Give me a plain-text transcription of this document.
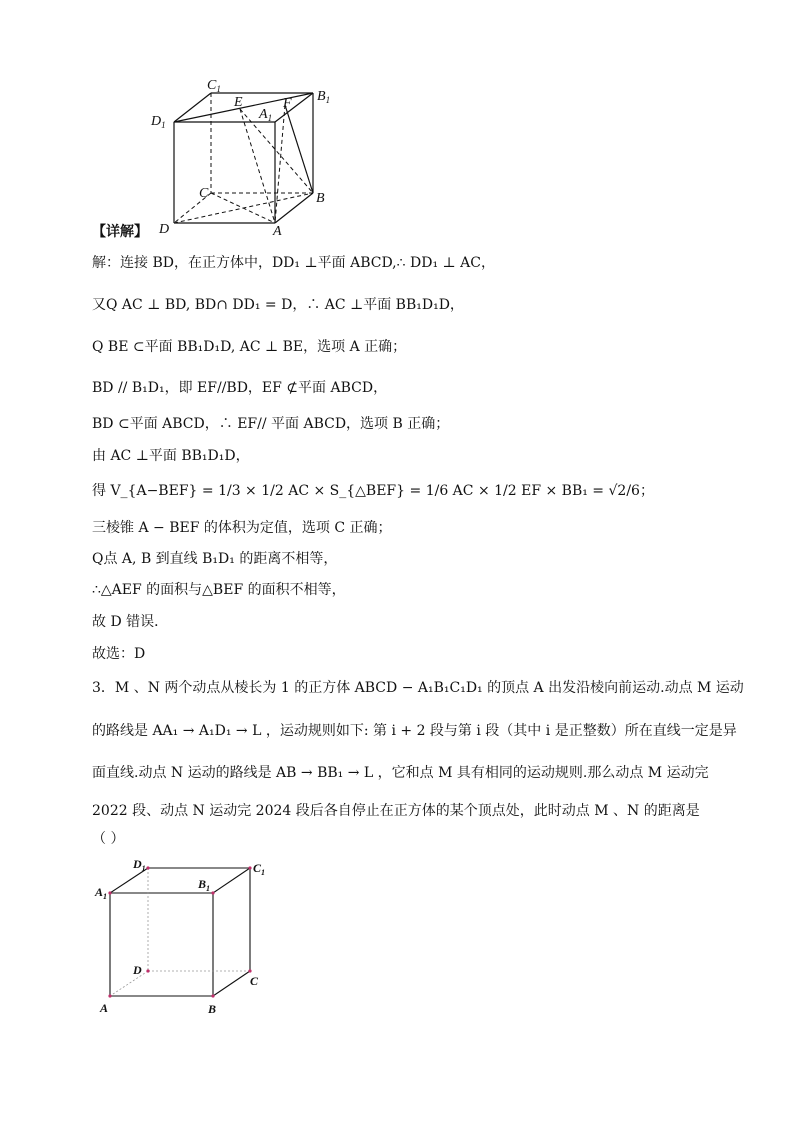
$C_1$	$B_1$
$D_1$
E
$A_1$
F
C	B
D	A
【详解】
解：连接 BD，在正方体中，DD₁ ⊥平面 ABCD,∴ DD₁ ⊥ AC，
又Q AC ⊥ BD, BD∩ DD₁ = D，∴ AC ⊥平面 BB₁D₁D，
Q BE ⊂平面 BB₁D₁D, AC ⊥ BE，选项 A 正确；
BD // B₁D₁，即 EF//BD，EF ⊄平面 ABCD，
BD ⊂平面 ABCD，∴ EF// 平面 ABCD，选项 B 正确；
由 AC ⊥平面 BB₁D₁D，
得 V_{A−BEF} = 1/3 × 1/2 AC × S_{△BEF} = 1/6 AC × 1/2 EF × BB₁ = √2/6；
三棱锥 A − BEF 的体积为定值，选项 C 正确；
Q点 A, B 到直线 B₁D₁ 的距离不相等，
∴△AEF 的面积与△BEF 的面积不相等，
故 D 错误．
故选：D
3．M 、N 两个动点从棱长为 1 的正方体 ABCD − A₁B₁C₁D₁ 的顶点 A 出发沿棱向前运动.动点 M 运动
的路线是 AA₁ → A₁D₁ → L ，运动规则如下: 第 i + 2 段与第 i 段（其中 i 是正整数）所在直线一定是异
面直线.动点 N 运动的路线是 AB → BB₁ → L ，它和点 M 具有相同的运动规则.那么动点 M 运动完
2022 段、动点 N 运动完 2024 段后各自停止在正方体的某个顶点处，此时动点 M 、N 的距离是
（ ）
$D_1$	$C_1$
$A_1$
$B_1$
D
C
A	B
